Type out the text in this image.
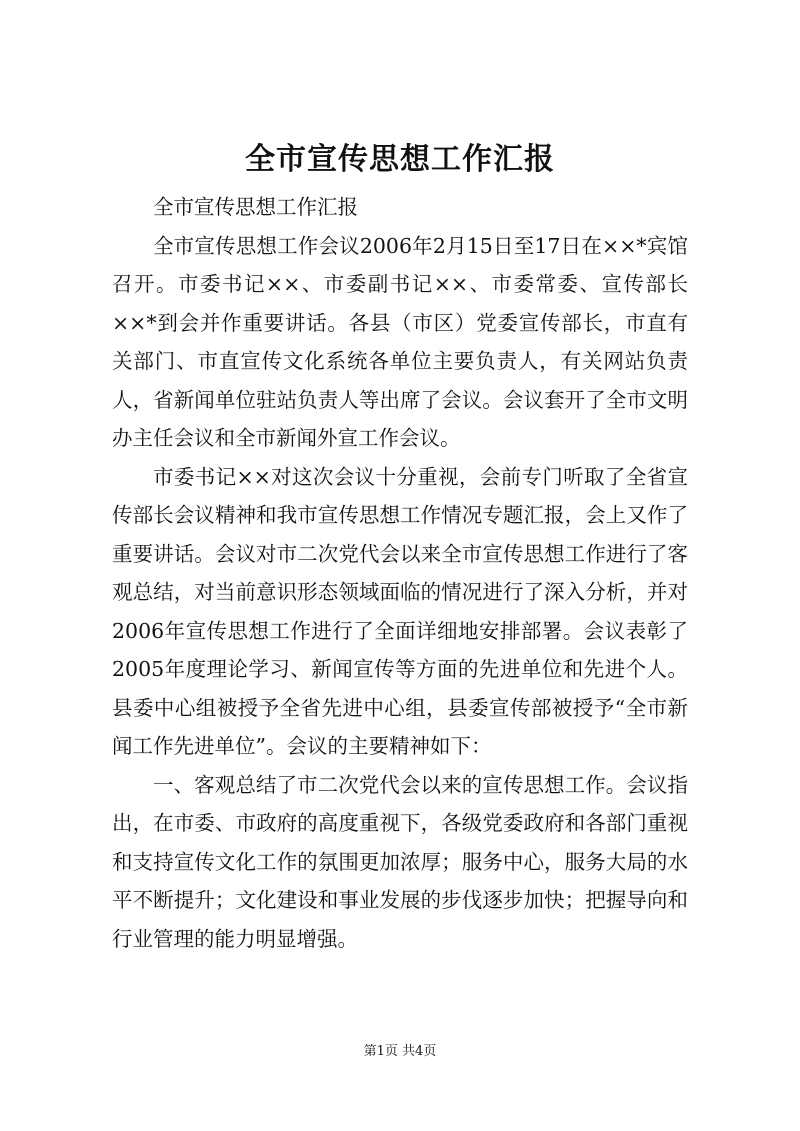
全市宣传思想工作汇报

全市宣传思想工作汇报

全市宣传思想工作会议2006年2月15日至17日在××*宾馆召开。市委书记××、市委副书记××、市委常委、宣传部长××*到会并作重要讲话。各县（市区）党委宣传部长，市直有关部门、市直宣传文化系统各单位主要负责人，有关网站负责人，省新闻单位驻站负责人等出席了会议。会议套开了全市文明办主任会议和全市新闻外宣工作会议。

市委书记××对这次会议十分重视，会前专门听取了全省宣传部长会议精神和我市宣传思想工作情况专题汇报，会上又作了重要讲话。会议对市二次党代会以来全市宣传思想工作进行了客观总结，对当前意识形态领域面临的情况进行了深入分析，并对2006年宣传思想工作进行了全面详细地安排部署。会议表彰了2005年度理论学习、新闻宣传等方面的先进单位和先进个人。县委中心组被授予全省先进中心组，县委宣传部被授予“全市新闻工作先进单位”。会议的主要精神如下：

一、客观总结了市二次党代会以来的宣传思想工作。会议指出，在市委、市政府的高度重视下，各级党委政府和各部门重视和支持宣传文化工作的氛围更加浓厚；服务中心，服务大局的水平不断提升；文化建设和事业发展的步伐逐步加快；把握导向和行业管理的能力明显增强。

第1页 共4页
